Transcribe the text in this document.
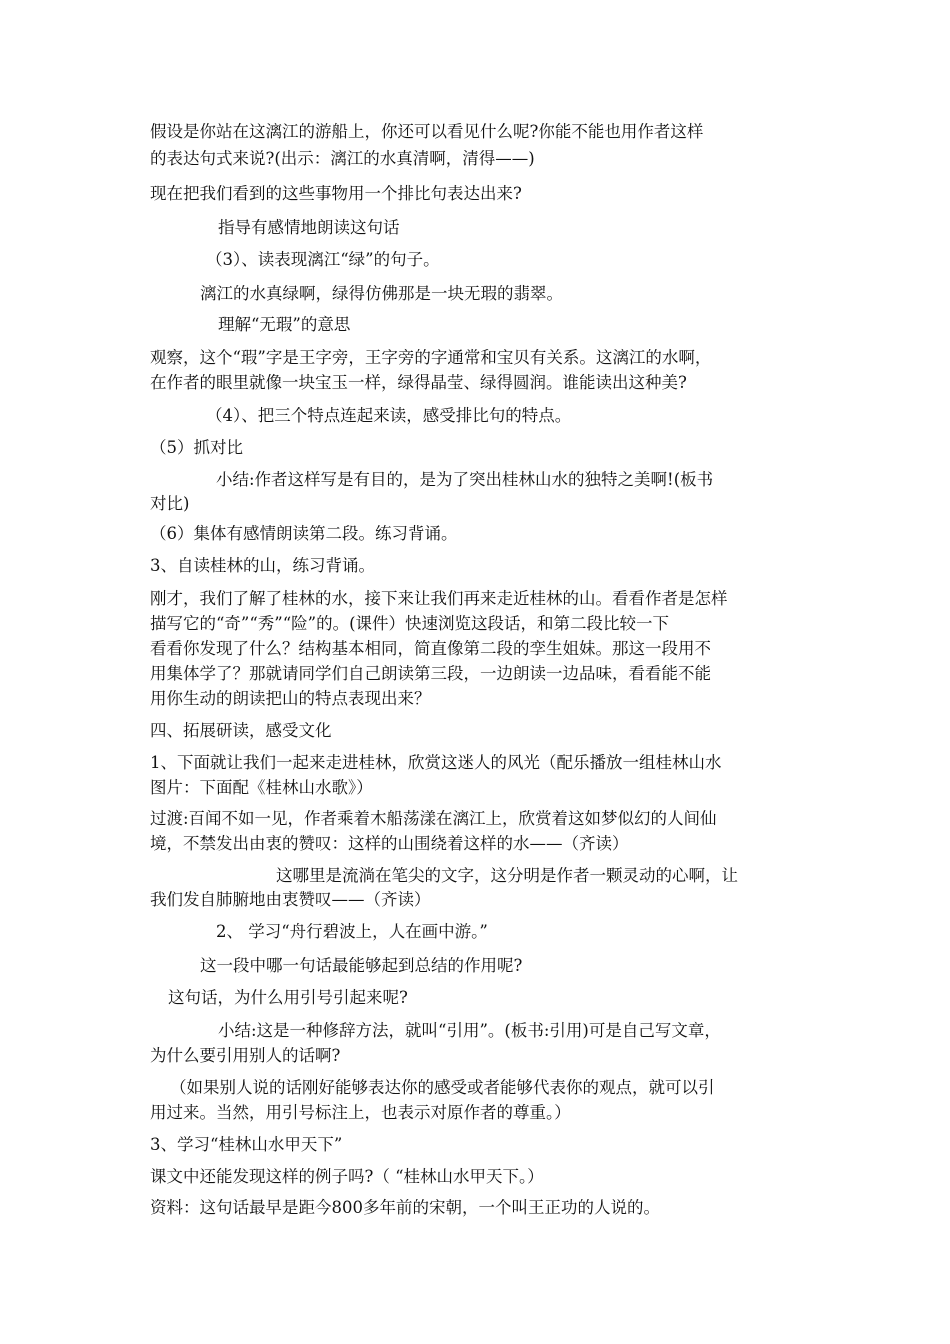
假设是你站在这漓江的游船上，你还可以看见什么呢?你能不能也用作者这样
的表达句式来说?(出示：漓江的水真清啊，清得——)
现在把我们看到的这些事物用一个排比句表达出来?
指导有感情地朗读这句话
（3）、读表现漓江“绿”的句子。
漓江的水真绿啊，绿得仿佛那是一块无瑕的翡翠。
理解“无瑕”的意思
观察，这个“瑕”字是王字旁，王字旁的字通常和宝贝有关系。这漓江的水啊，
在作者的眼里就像一块宝玉一样，绿得晶莹、绿得圆润。谁能读出这种美?
（4）、把三个特点连起来读，感受排比句的特点。
（5）抓对比
小结:作者这样写是有目的，是为了突出桂林山水的独特之美啊!(板书
对比)
（6）集体有感情朗读第二段。练习背诵。
3、自读桂林的山，练习背诵。
刚才，我们了解了桂林的水，接下来让我们再来走近桂林的山。看看作者是怎样
描写它的“奇”“秀”“险”的。(课件）快速浏览这段话，和第二段比较一下
看看你发现了什么？结构基本相同，简直像第二段的孪生姐妹。那这一段用不
用集体学了？那就请同学们自己朗读第三段，一边朗读一边品味，看看能不能
用你生动的朗读把山的特点表现出来？
四、拓展研读，感受文化
1、下面就让我们一起来走进桂林，欣赏这迷人的风光（配乐播放一组桂林山水
图片：下面配《桂林山水歌》）
过渡:百闻不如一见，作者乘着木船荡漾在漓江上，欣赏着这如梦似幻的人间仙
境，不禁发出由衷的赞叹：这样的山围绕着这样的水——（齐读）
这哪里是流淌在笔尖的文字，这分明是作者一颗灵动的心啊，让
我们发自肺腑地由衷赞叹——（齐读）
2、 学习“舟行碧波上，人在画中游。”
这一段中哪一句话最能够起到总结的作用呢?
这句话，为什么用引号引起来呢?
小结:这是一种修辞方法，就叫“引用”。(板书:引用)可是自己写文章，
为什么要引用别人的话啊?
（如果别人说的话刚好能够表达你的感受或者能够代表你的观点，就可以引
用过来。当然，用引号标注上，也表示对原作者的尊重。）
3、学习“桂林山水甲天下”
课文中还能发现这样的例子吗?（ “桂林山水甲天下。）
资料：这句话最早是距今800多年前的宋朝，一个叫王正功的人说的。
